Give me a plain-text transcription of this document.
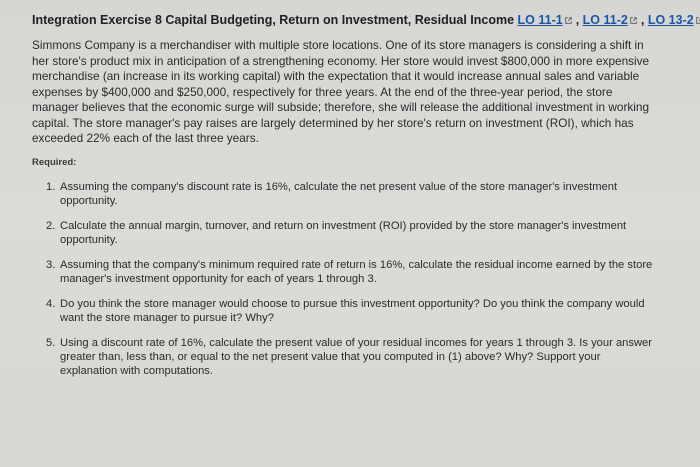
Integration Exercise 8 Capital Budgeting, Return on Investment, Residual Income LO 11-1 , LO 11-2 , LO 13-2

Simmons Company is a merchandiser with multiple store locations. One of its store managers is considering a shift in her store's product mix in anticipation of a strengthening economy. Her store would invest $800,000 in more expensive merchandise (an increase in its working capital) with the expectation that it would increase annual sales and variable expenses by $400,000 and $250,000, respectively for three years. At the end of the three-year period, the store manager believes that the economic surge will subside; therefore, she will release the additional investment in working capital. The store manager's pay raises are largely determined by her store's return on investment (ROI), which has exceeded 22% each of the last three years.

Required:
1. Assuming the company's discount rate is 16%, calculate the net present value of the store manager's investment opportunity.
2. Calculate the annual margin, turnover, and return on investment (ROI) provided by the store manager's investment opportunity.
3. Assuming that the company's minimum required rate of return is 16%, calculate the residual income earned by the store manager's investment opportunity for each of years 1 through 3.
4. Do you think the store manager would choose to pursue this investment opportunity? Do you think the company would want the store manager to pursue it? Why?
5. Using a discount rate of 16%, calculate the present value of your residual incomes for years 1 through 3. Is your answer greater than, less than, or equal to the net present value that you computed in (1) above? Why? Support your explanation with computations.
